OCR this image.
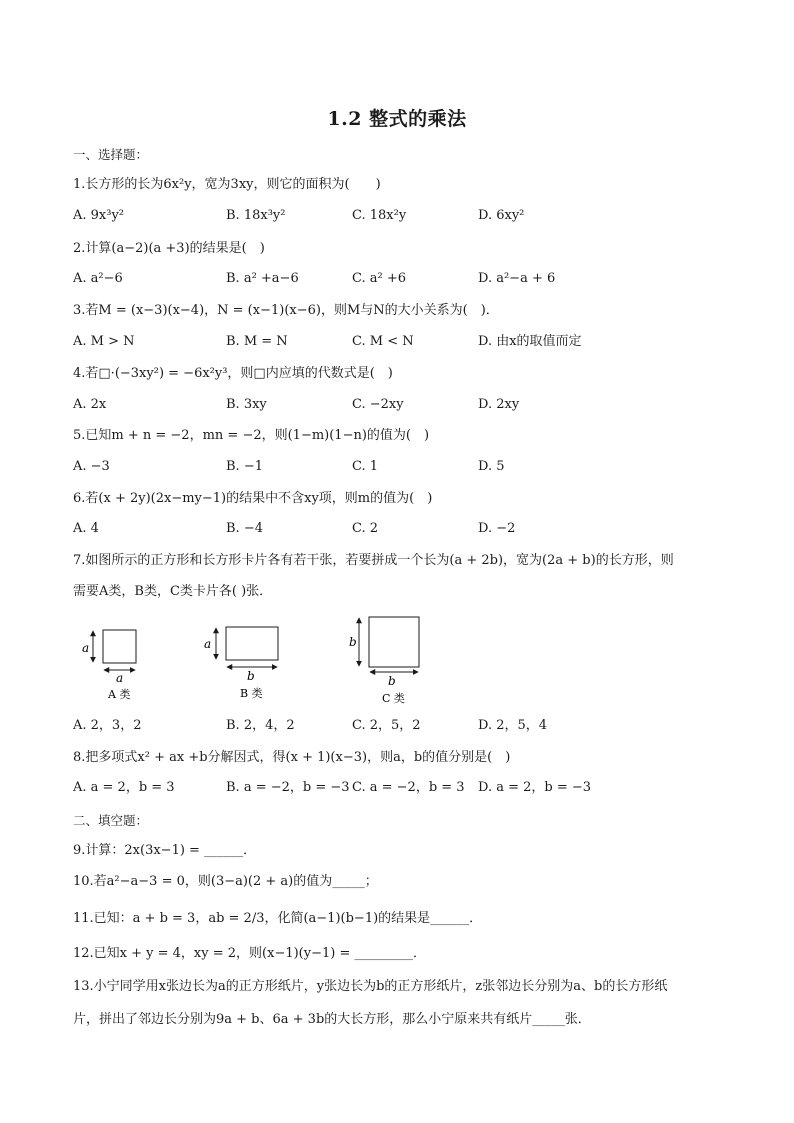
1.2 整式的乘法
一、选择题：
1.长方形的长为6x²y，宽为3xy，则它的面积为(　　)
A. 9x³y²	B. 18x³y²	C. 18x²y	D. 6xy²
2.计算(a−2)(a +3)的结果是(　)
A. a²−6	B. a² +a−6	C. a² +6	D. a²−a + 6
3.若M = (x−3)(x−4)，N = (x−1)(x−6)，则M与N的大小关系为(　)．
A. M > N	B. M = N	C. M < N	D. 由x的取值而定
4.若□·(−3xy²) = −6x²y³，则□内应填的代数式是(　)
A. 2x	B. 3xy	C. −2xy	D. 2xy
5.已知m + n = −2，mn = −2，则(1−m)(1−n)的值为(　)
A. −3	B. −1	C. 1	D. 5
6.若(x + 2y)(2x−my−1)的结果中不含xy项，则m的值为(　)
A. 4	B. −4	C. 2	D. −2
7.如图所示的正方形和长方形卡片各有若干张，若要拼成一个长为(a + 2b)，宽为(2a + b)的长方形，则
需要A类，B类，C类卡片各( )张．
a
a
A 类
a
b
B 类
b
b
C 类
A. 2，3，2	B. 2，4，2	C. 2，5，2	D. 2，5，4
8.把多项式x² + ax +b分解因式，得(x + 1)(x−3)，则a，b的值分别是(　)
A. a = 2，b = 3	B. a = −2，b = −3 C. a = −2，b = 3 D. a = 2，b = −3
二、填空题：
9.计算：2x(3x−1) = ______．
10.若a²−a−3 = 0，则(3−a)(2 + a)的值为_____；
11.已知：a + b = 3，ab = 2/3，化简(a−1)(b−1)的结果是______．
12.已知x + y = 4，xy = 2，则(x−1)(y−1) = _________．
13.小宁同学用x张边长为a的正方形纸片，y张边长为b的正方形纸片，z张邻边长分别为a、b的长方形纸
片，拼出了邻边长分别为9a + b、6a + 3b的大长方形，那么小宁原来共有纸片_____张．
